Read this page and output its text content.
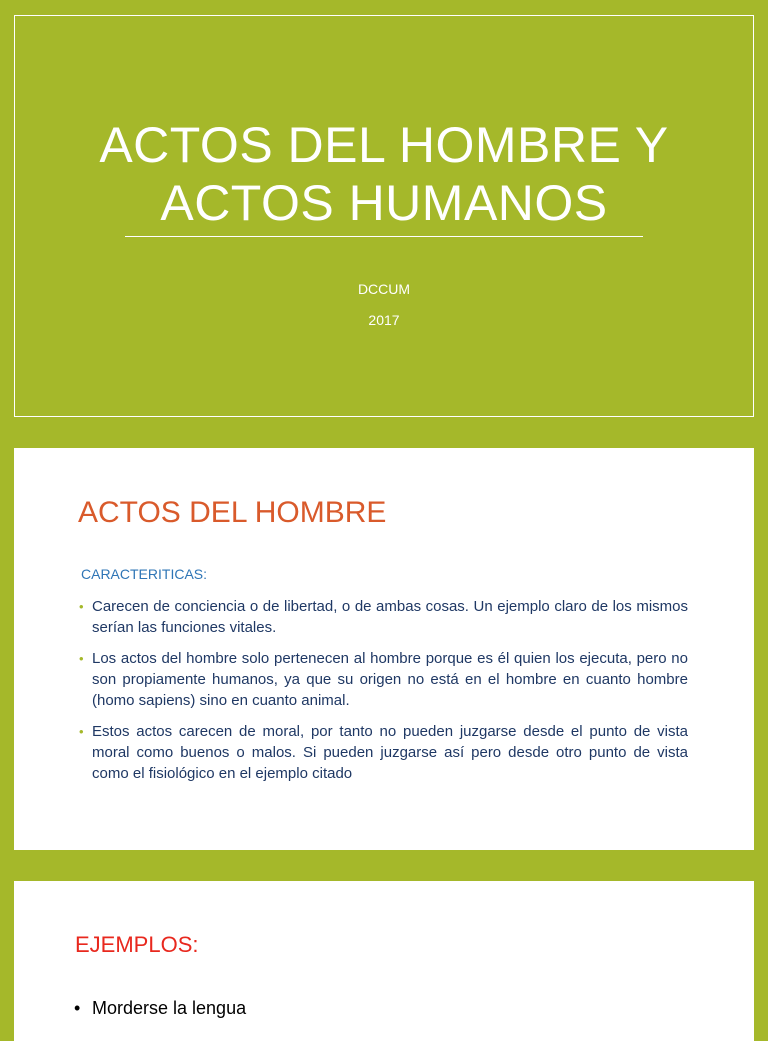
ACTOS DEL HOMBRE Y
ACTOS HUMANOS
DCCUM
2017
ACTOS DEL HOMBRE
CARACTERITICAS:
• Carecen de conciencia o de libertad, o de ambas cosas. Un ejemplo claro de los mismos serían las funciones vitales.
• Los actos del hombre solo pertenecen al hombre porque es él quien los ejecuta, pero no son propiamente humanos, ya que su origen no está en el hombre en cuanto hombre (homo sapiens) sino en cuanto animal.
• Estos actos carecen de moral, por tanto no pueden juzgarse desde el punto de vista moral como buenos o malos. Si pueden juzgarse así pero desde otro punto de vista como el fisiológico en el ejemplo citado
EJEMPLOS:
• Morderse la lengua
